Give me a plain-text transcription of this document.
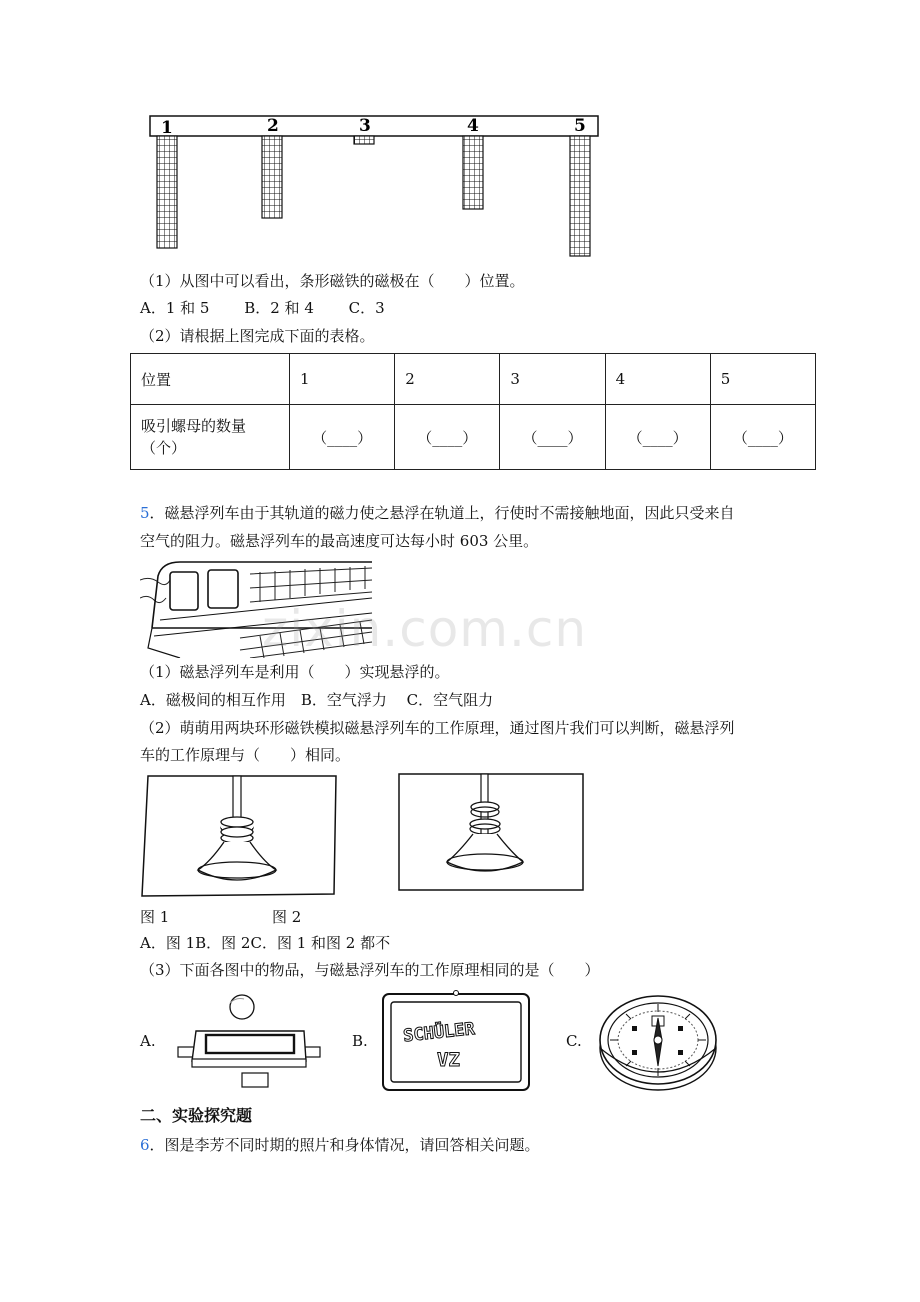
1	2	3	4	5
（1）从图中可以看出，条形磁铁的磁极在（　　）位置。
A．1 和 5　　 B．2 和 4　　 C．3
（2）请根据上图完成下面的表格。
位置	1	2	3	4	5

吸引螺母的数量
（个）	（____）	（____）	（____）	（____）	（____）
5．磁悬浮列车由于其轨道的磁力使之悬浮在轨道上，行使时不需接触地面，因此只受来自
空气的阻力。磁悬浮列车的最高速度可达每小时 603 公里。
zixin.com.cn
（1）磁悬浮列车是利用（　　）实现悬浮的。
A．磁极间的相互作用　B．空气浮力　 C．空气阻力
（2）萌萌用两块环形磁铁模拟磁悬浮列车的工作原理，通过图片我们可以判断，磁悬浮列
车的工作原理与（　　）相同。
图 1	图 2
A．图 1B．图 2C．图 1 和图 2 都不
（3）下面各图中的物品，与磁悬浮列车的工作原理相同的是（　　）
A.	B. SCHÜLER
VZ
C.
二、实验探究题
6．图是李芳不同时期的照片和身体情况，请回答相关问题。
